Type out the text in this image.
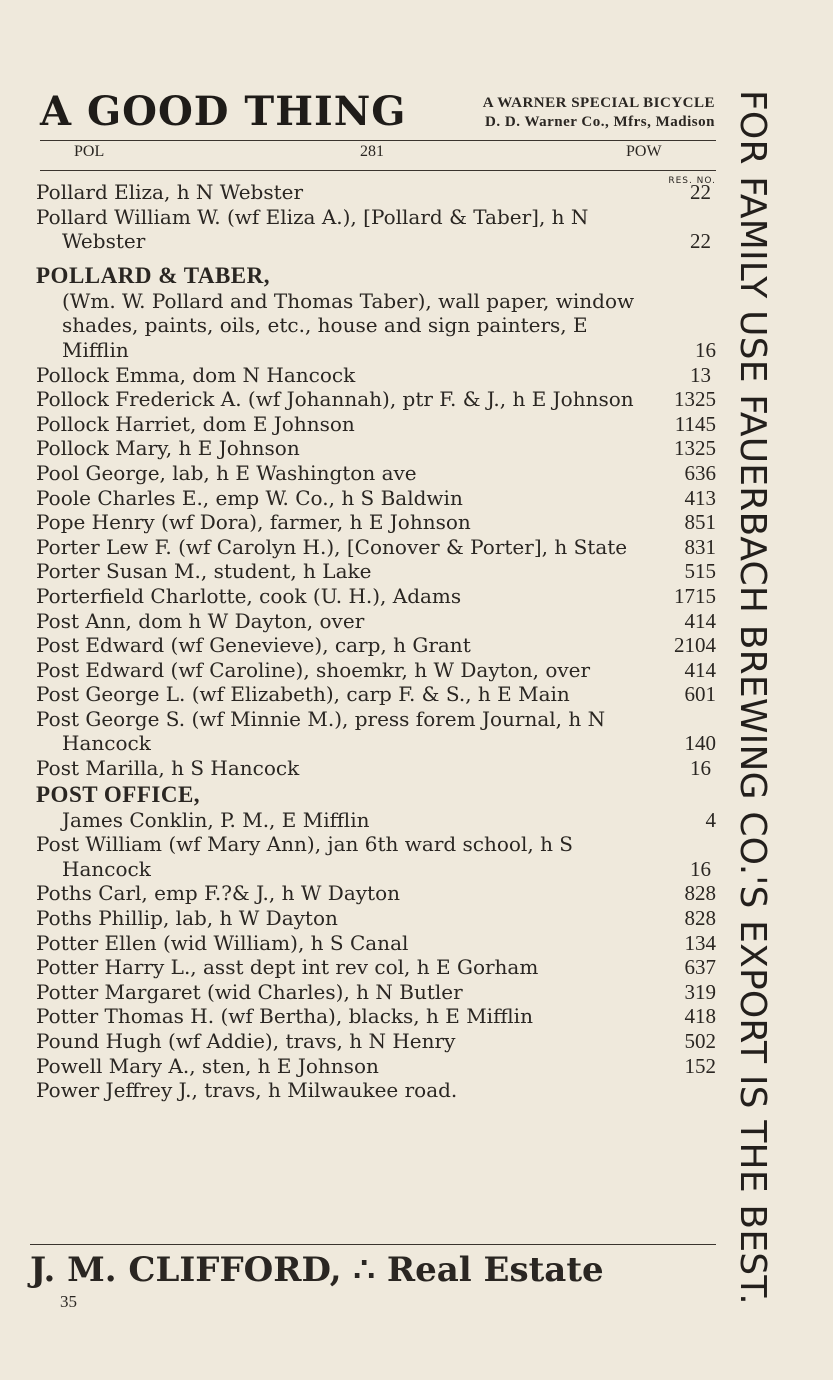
A GOOD THING	A WARNER SPECIAL BICYCLE
D. D. Warner Co., Mfrs, Madison
POL	281	POW
RES. NO.
Pollard Eliza, h N Webster	22
Pollard William W. (wf Eliza A.), [Pollard & Taber], h N Webster	22
POLLARD & TABER,
(Wm. W. Pollard and Thomas Taber), wall paper, window shades, paints, oils, etc., house and sign painters, E Mifflin	16
Pollock Emma, dom N Hancock	13
Pollock Frederick A. (wf Johannah), ptr F. & J., h E Johnson	1325
Pollock Harriet, dom E Johnson	1145
Pollock Mary, h E Johnson	1325
Pool George, lab, h E Washington ave	636
Poole Charles E., emp W. Co., h S Baldwin	413
Pope Henry (wf Dora), farmer, h E Johnson	851
Porter Lew F. (wf Carolyn H.), [Conover & Porter], h State	831
Porter Susan M., student, h Lake	515
Porterfield Charlotte, cook (U. H.), Adams	1715
Post Ann, dom h W Dayton, over	414
Post Edward (wf Genevieve), carp, h Grant	2104
Post Edward (wf Caroline), shoemkr, h W Dayton, over	414
Post George L. (wf Elizabeth), carp F. & S., h E Main	601
Post George S. (wf Minnie M.), press forem Journal, h N Hancock	140
Post Marilla, h S Hancock	16
POST OFFICE,
James Conklin, P. M., E Mifflin	4
Post William (wf Mary Ann), jan 6th ward school, h S Hancock	16
Poths Carl, emp F.?& J., h W Dayton	828
Poths Phillip, lab, h W Dayton	828
Potter Ellen (wid William), h S Canal	134
Potter Harry L., asst dept int rev col, h E Gorham	637
Potter Margaret (wid Charles), h N Butler	319
Potter Thomas H. (wf Bertha), blacks, h E Mifflin	418
Pound Hugh (wf Addie), travs, h N Henry	502
Powell Mary A., sten, h E Johnson	152
Power Jeffrey J., travs, h Milwaukee road.
J. M. CLIFFORD, ∴ Real Estate
35	FOR FAMILY USE FAUERBACH BREWING CO.'S EXPORT IS THE BEST.
